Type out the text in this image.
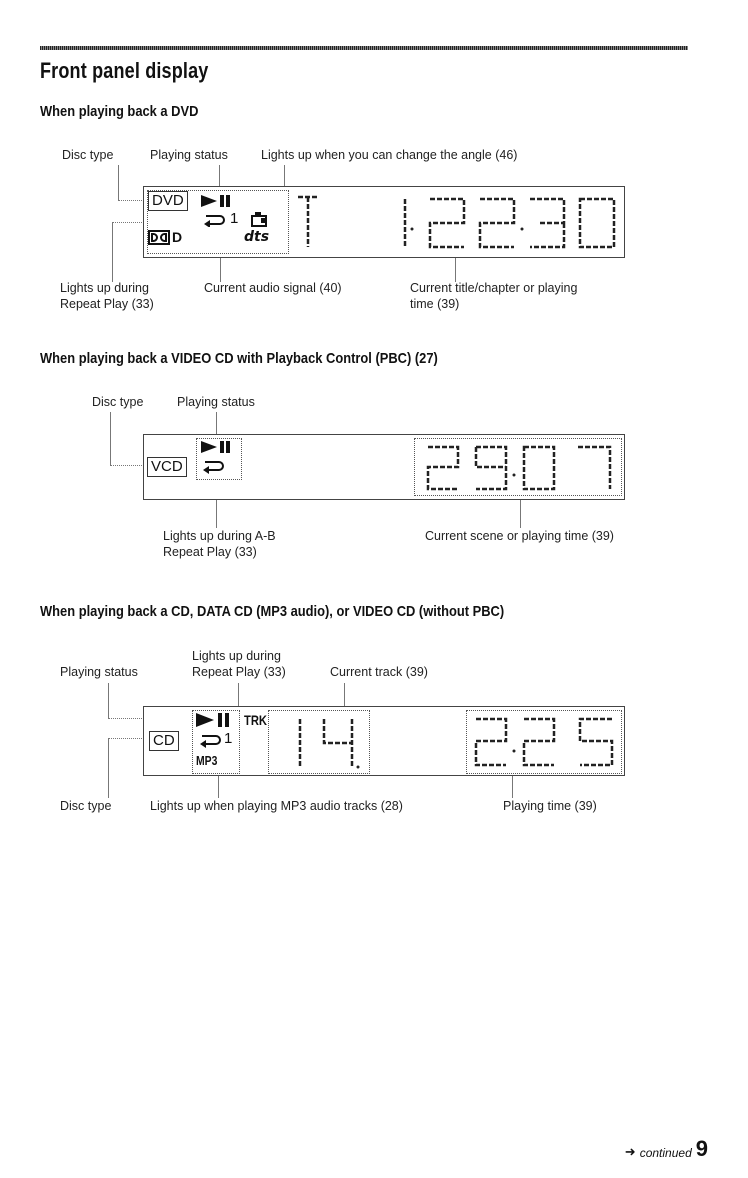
Front panel display
When playing back a DVD
Disc type	Playing status	Lights up when you can change the angle (46)
DVD
1
D	dts
Lights up during
Repeat Play (33)
Current audio signal (40)	Current title/chapter or playing
time (39)
When playing back a VIDEO CD with Playback Control (PBC) (27)
Disc type	Playing status
VCD
Lights up during A-B
Repeat Play (33)
Current scene or playing time (39)
When playing back a CD, DATA CD (MP3 audio), or VIDEO CD (without PBC)
Lights up during
Playing status	Repeat Play (33)	Current track (39)
CD	1
MP3
TRK
Disc type	Lights up when playing MP3 audio tracks (28)	Playing time (39)
➜ continued 9
